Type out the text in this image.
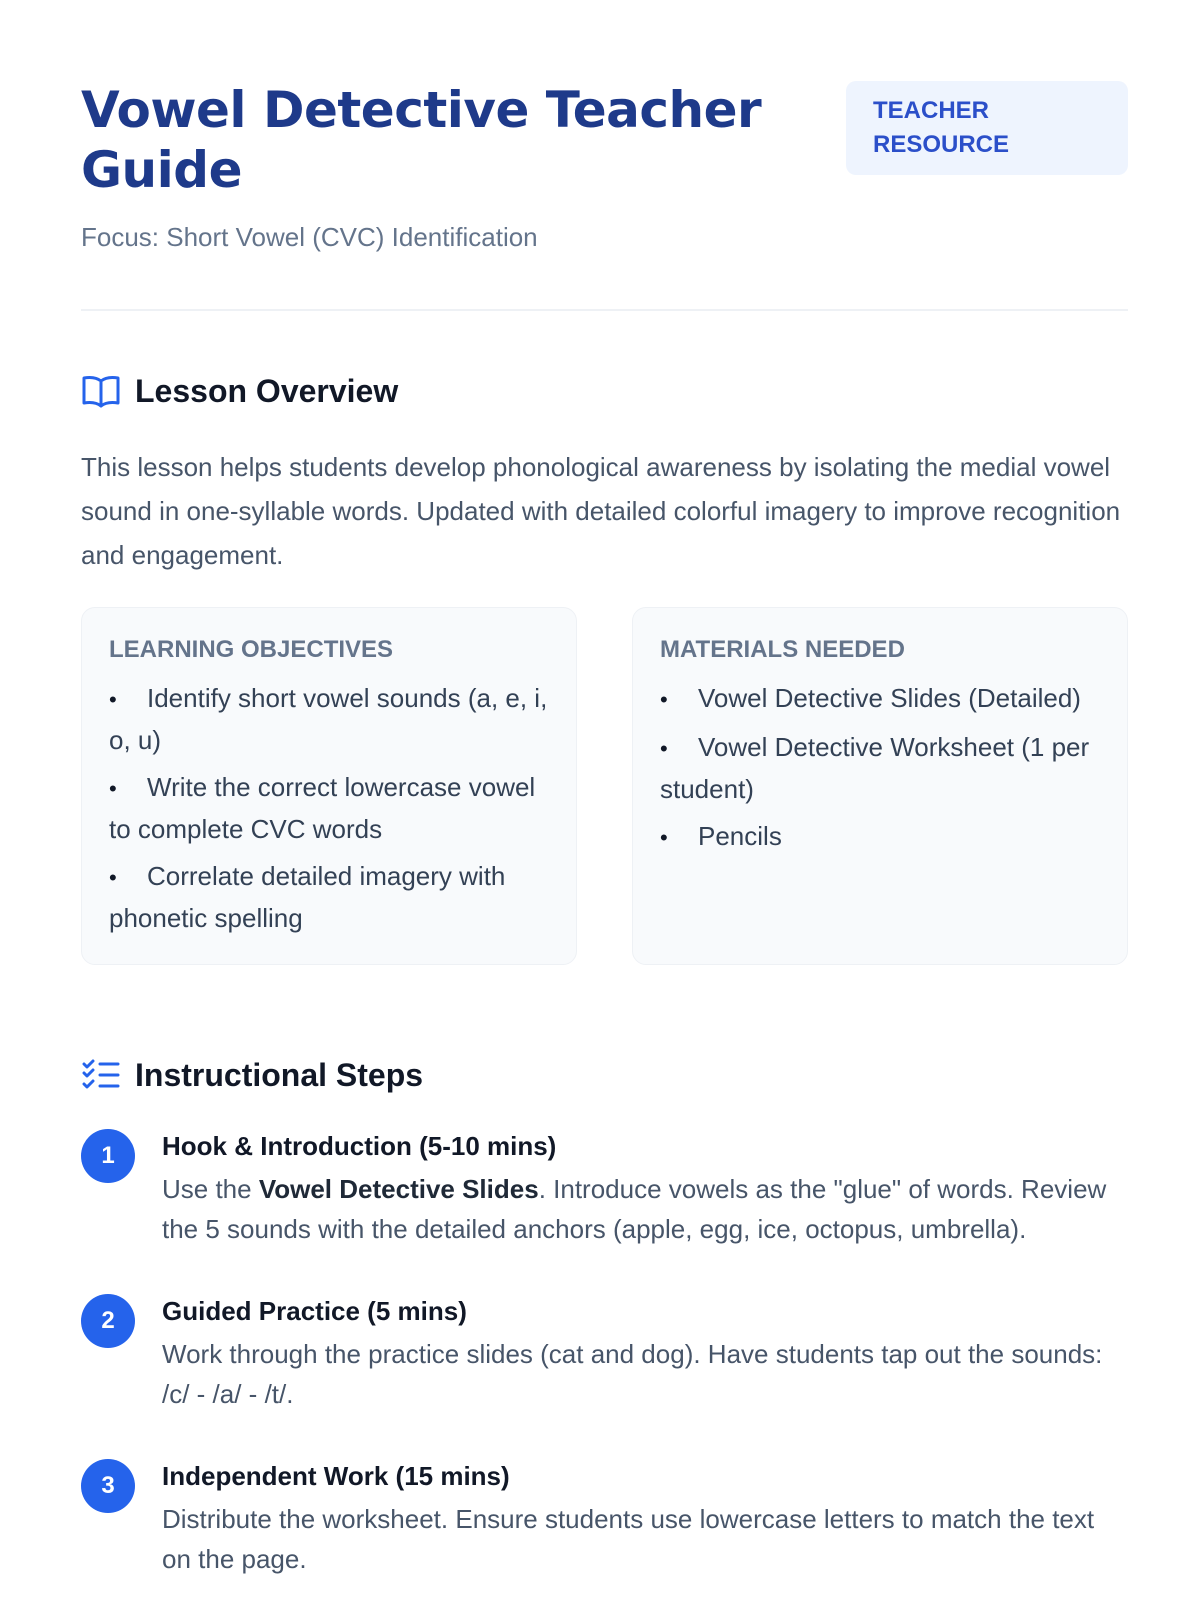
Vowel Detective Teacher Guide
Focus: Short Vowel (CVC) Identification
TEACHER RESOURCE
Lesson Overview

This lesson helps students develop phonological awareness by isolating the medial vowel sound in one-syllable words. Updated with detailed colorful imagery to improve recognition and engagement.

LEARNING OBJECTIVES
• Identify short vowel sounds (a, e, i, o, u)
• Write the correct lowercase vowel to complete CVC words
• Correlate detailed imagery with phonetic spelling
MATERIALS NEEDED
• Vowel Detective Slides (Detailed)
• Vowel Detective Worksheet (1 per student)
• Pencils
Instructional Steps
1	Hook & Introduction (5-10 mins)
Use the Vowel Detective Slides. Introduce vowels as the "glue" of words. Review the 5 sounds with the detailed anchors (apple, egg, ice, octopus, umbrella).
2	Guided Practice (5 mins)
Work through the practice slides (cat and dog). Have students tap out the sounds: /c/ - /a/ - /t/.
3	Independent Work (15 mins)
Distribute the worksheet. Ensure students use lowercase letters to match the text on the page.
